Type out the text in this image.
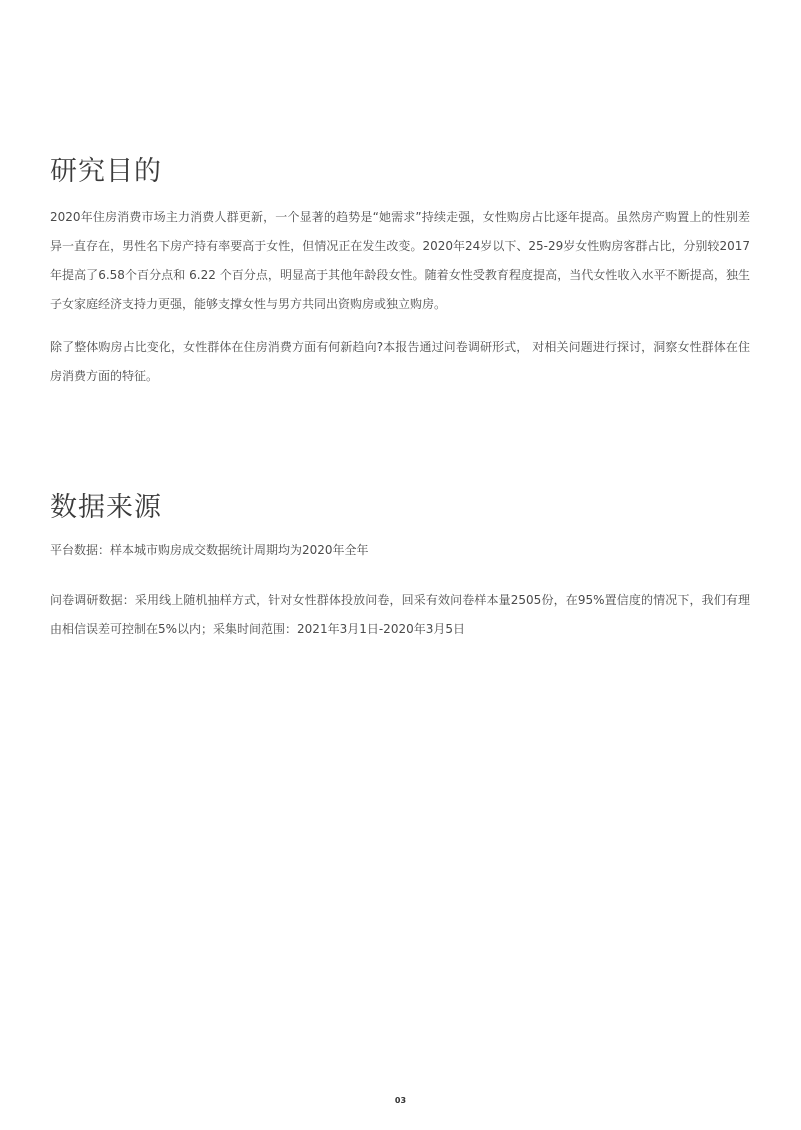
研究目的

2020年住房消费市场主力消费人群更新，一个显著的趋势是“她需求”持续走强，女性购房占比逐年提高。虽然房产购置上的性别差异一直存在，男性名下房产持有率要高于女性，但情况正在发生改变。2020年24岁以下、25-29岁女性购房客群占比，分别较2017年提高了6.58个百分点和 6.22 个百分点，明显高于其他年龄段女性。随着女性受教育程度提高，当代女性收入水平不断提高，独生子女家庭经济支持力更强，能够支撑女性与男方共同出资购房或独立购房。

除了整体购房占比变化，女性群体在住房消费方面有何新趋向?本报告通过问卷调研形式， 对相关问题进行探讨，洞察女性群体在住房消费方面的特征。

数据来源

平台数据：样本城市购房成交数据统计周期均为2020年全年

问卷调研数据：采用线上随机抽样方式，针对女性群体投放问卷，回采有效问卷样本量2505份，在95%置信度的情况下，我们有理由相信误差可控制在5%以内；采集时间范围：2021年3月1日-2020年3月5日

03
